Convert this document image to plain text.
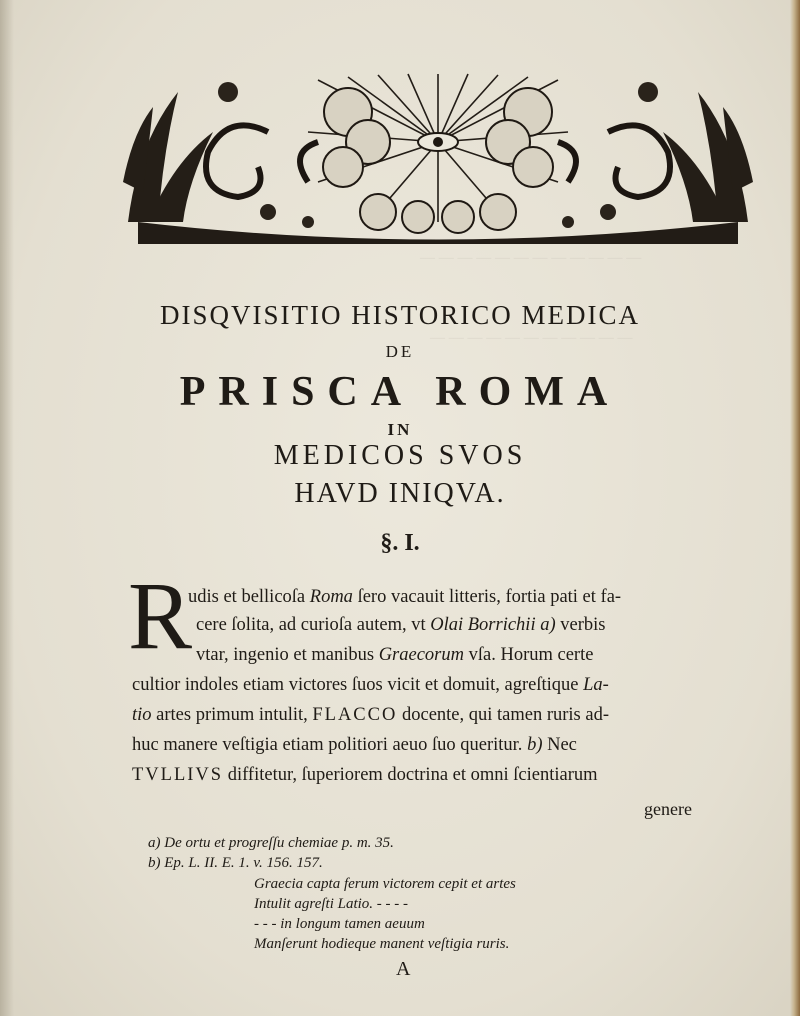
— — — — — — — — — — — —
— — — — — — — — — — —
DISQVISITIO HISTORICO MEDICA
DE
PRISCA ROMA
IN
MEDICOS SVOS
HAVD INIQVA.
§. I.
R
udis et bellicoſa Roma ſero vacauit litteris, fortia pati et fa-
cere ſolita, ad curioſa autem, vt Olai Borrichii a) verbis
vtar, ingenio et manibus Graecorum vſa. Horum certe
cultior indoles etiam victores ſuos vicit et domuit, agreſtique La-
tio artes primum intulit, FLACCO docente, qui tamen ruris ad-
huc manere veſtigia etiam politiori aeuo ſuo queritur. b) Nec
TVLLIVS diffitetur, ſuperiorem doctrina et omni ſcientiarum
genere
a) De ortu et progreſſu chemiae p. m. 35.
b) Ep. L. II. E. 1. v. 156. 157.
Graecia capta ferum victorem cepit et artes
Intulit agreſti Latio. - - - -
- - - in longum tamen aeuum
Manſerunt hodieque manent veſtigia ruris.
A
